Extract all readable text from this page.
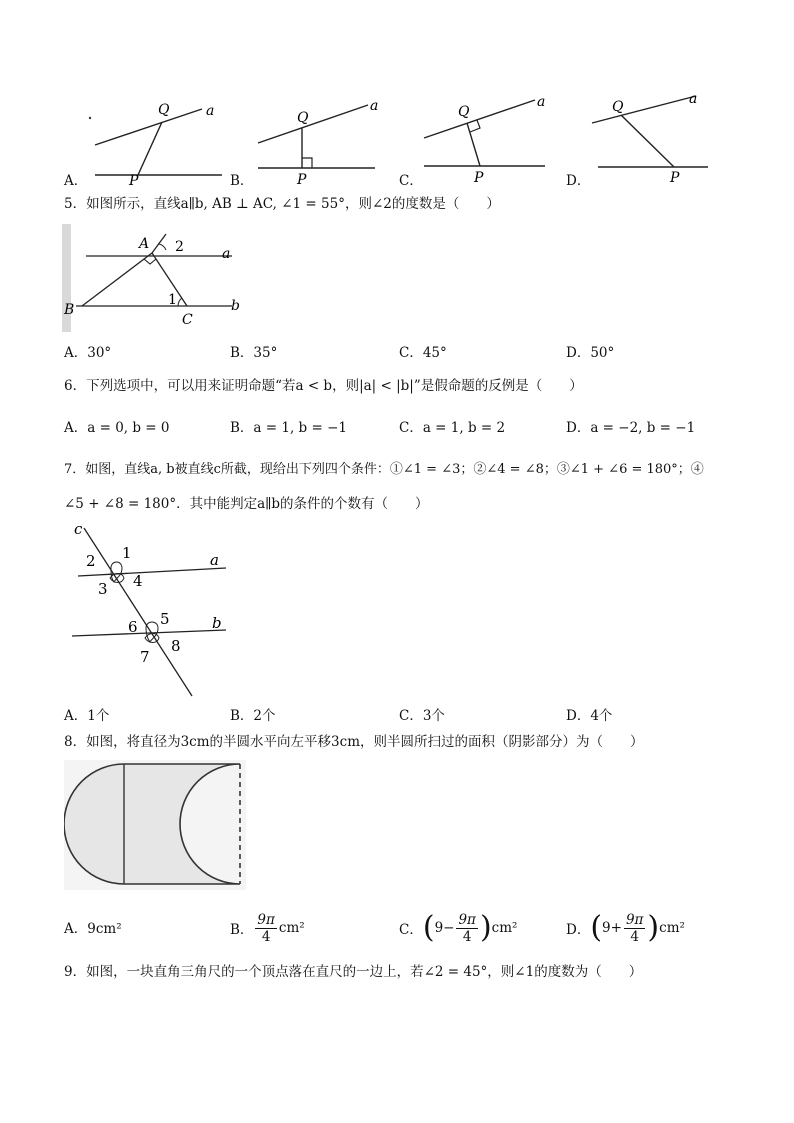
Q	a
P
Q
a
P
Q
a
P
Q	a
P
A．	B．	C．	D．
5．如图所示，直线a∥b, AB ⊥ AC, ∠1 = 55°，则∠2的度数是（　　）
A 2	a
1
B
C
b
A．30°	B．35°	C．45°	D．50°
6．下列选项中，可以用来证明命题“若a < b，则|a| < |b|”是假命题的反例是（　　）
A．a = 0, b = 0	B．a = 1, b = −1	C．a = 1, b = 2	D．a = −2, b = −1
7．如图，直线a, b被直线c所截，现给出下列四个条件：①∠1 = ∠3；②∠4 = ∠8；③∠1 + ∠6 = 180°；④
∠5 + ∠8 = 180°．其中能判定a∥b的条件的个数有（　　）
c
1
2
3 4
a
5
6
7
8
b
A．1个	B．2个	C．3个	D．4个
8．如图，将直径为3cm的半圆水平向左平移3cm，则半圆所扫过的面积（阴影部分）为（　　）
A．9cm²	B．
9π
4
cm²	C． ( $9- \frac{9\pi}{4}$ ) cm²	D． ( $9+ \frac{9\pi}{4}$ ) cm²
9．如图，一块直角三角尺的一个顶点落在直尺的一边上，若∠2 = 45°，则∠1的度数为（　　）
